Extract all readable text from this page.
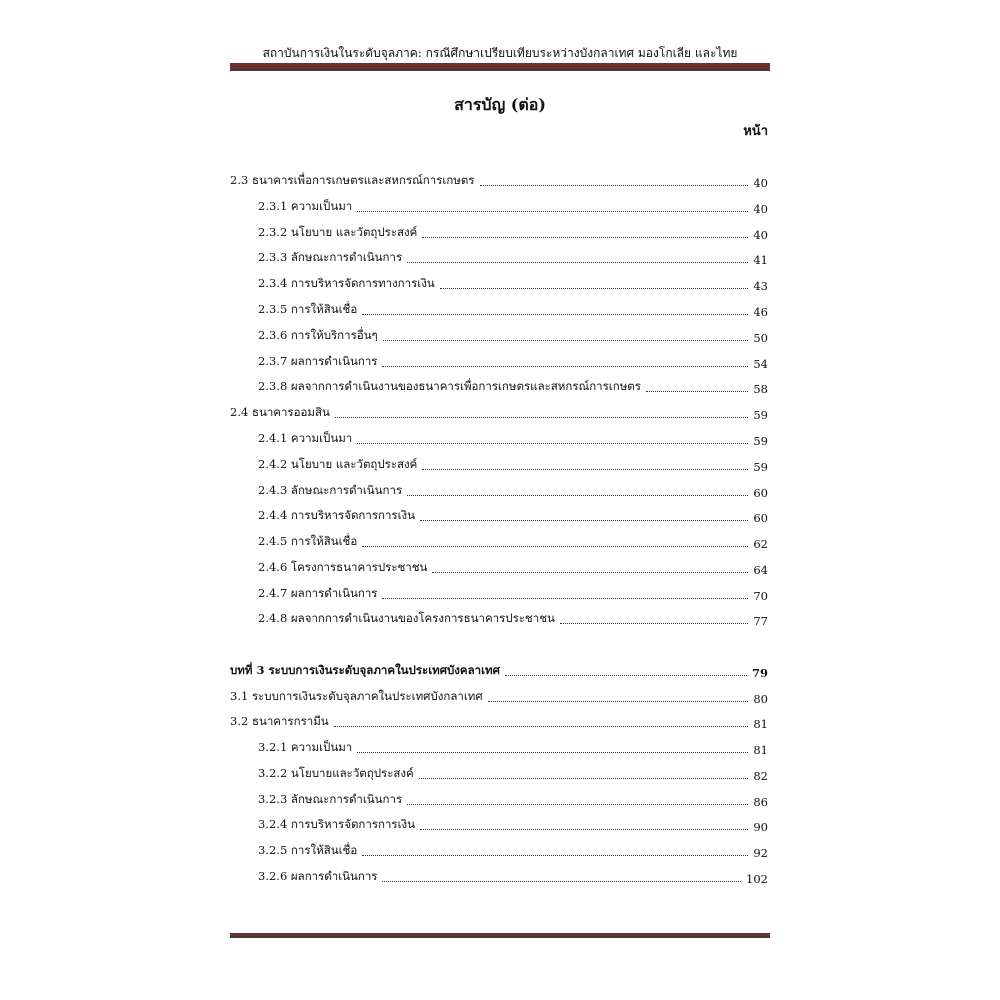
สถาบันการเงินในระดับจุลภาค: กรณีศึกษาเปรียบเทียบระหว่างบังกลาเทศ มองโกเลีย และไทย
สารบัญ (ต่อ)
หน้า
2.3 ธนาคารเพื่อการเกษตรและสหกรณ์การเกษตร	40
2.3.1 ความเป็นมา	40
2.3.2 นโยบาย และวัตถุประสงค์	40
2.3.3 ลักษณะการดำเนินการ	41
2.3.4 การบริหารจัดการทางการเงิน	43
2.3.5 การให้สินเชื่อ	46
2.3.6 การให้บริการอื่นๆ	50
2.3.7 ผลการดำเนินการ	54
2.3.8 ผลจากการดำเนินงานของธนาคารเพื่อการเกษตรและสหกรณ์การเกษตร	58
2.4 ธนาคารออมสิน	59
2.4.1 ความเป็นมา	59
2.4.2 นโยบาย และวัตถุประสงค์	59
2.4.3 ลักษณะการดำเนินการ	60
2.4.4 การบริหารจัดการการเงิน	60
2.4.5 การให้สินเชื่อ	62
2.4.6 โครงการธนาคารประชาชน	64
2.4.7 ผลการดำเนินการ	70
2.4.8 ผลจากการดำเนินงานของโครงการธนาคารประชาชน	77
บทที่ 3 ระบบการเงินระดับจุลภาคในประเทศบังคลาเทศ	79
3.1 ระบบการเงินระดับจุลภาคในประเทศบังกลาเทศ	80
3.2 ธนาคารกรามีน	81
3.2.1 ความเป็นมา	81
3.2.2 นโยบายและวัตถุประสงค์	82
3.2.3 ลักษณะการดำเนินการ	86
3.2.4 การบริหารจัดการการเงิน	90
3.2.5 การให้สินเชื่อ	92
3.2.6 ผลการดำเนินการ	102
